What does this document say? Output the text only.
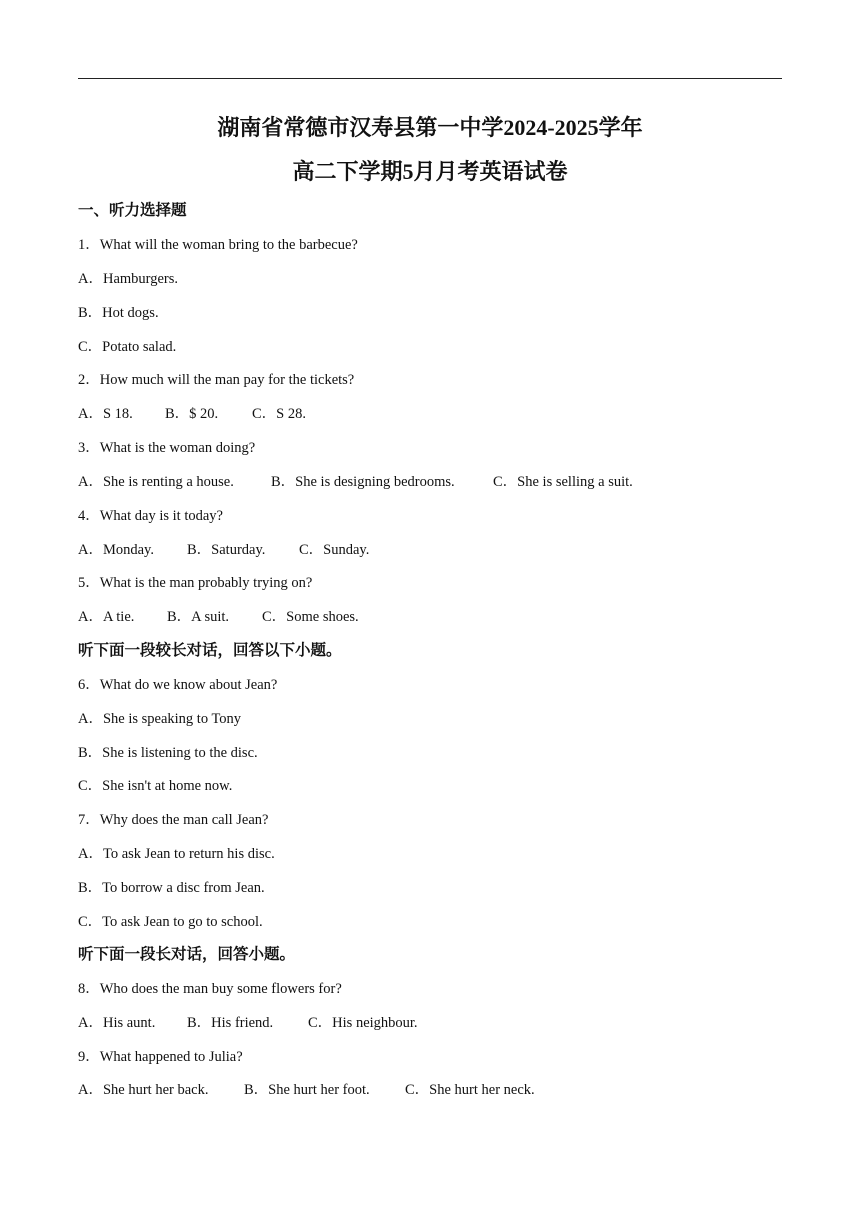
湖南省常德市汉寿县第一中学2024-2025学年
高二下学期5月月考英语试卷
一、听力选择题
1．What will the woman bring to the barbecue?
A．Hamburgers.
B．Hot dogs.
C．Potato salad.
2．How much will the man pay for the tickets?
A．S 18. B．$ 20. C．S 28.
3．What is the woman doing?
A．She is renting a house.	B．She is designing bedrooms.	C．She is selling a suit.
4．What day is it today?
A．Monday. B．Saturday. C．Sunday.
5．What is the man probably trying on?
A．A tie. B．A suit. C．Some shoes.
听下面一段较长对话，回答以下小题。
6．What do we know about Jean?
A．She is speaking to Tony
B．She is listening to the disc.
C．She isn't at home now.
7．Why does the man call Jean?
A．To ask Jean to return his disc.
B．To borrow a disc from Jean.
C．To ask Jean to go to school.
听下面一段长对话，回答小题。
8．Who does the man buy some flowers for?
A．His aunt. B．His friend. C．His neighbour.
9．What happened to Julia?
A．She hurt her back. B．She hurt her foot. C．She hurt her neck.
